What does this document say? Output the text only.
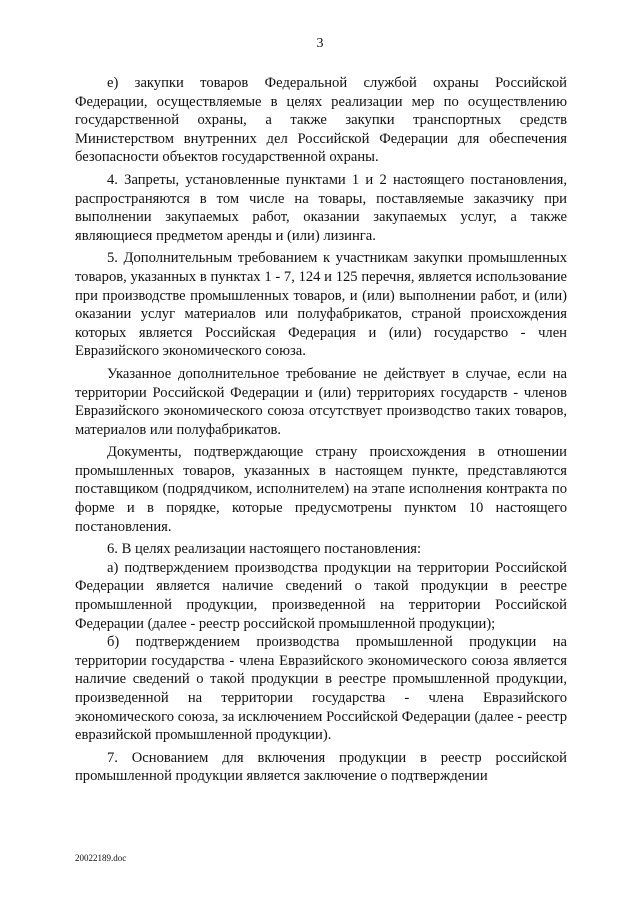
3

е) закупки товаров Федеральной службой охраны Российской Федерации, осуществляемые в целях реализации мер по осуществлению государственной охраны, а также закупки транспортных средств Министерством внутренних дел Российской Федерации для обеспечения безопасности объектов государственной охраны.

4. Запреты, установленные пунктами 1 и 2 настоящего постановления, распространяются в том числе на товары, поставляемые заказчику при выполнении закупаемых работ, оказании закупаемых услуг, а также являющиеся предметом аренды и (или) лизинга.

5. Дополнительным требованием к участникам закупки промышленных товаров, указанных в пунктах 1 - 7, 124 и 125 перечня, является использование при производстве промышленных товаров, и (или) выполнении работ, и (или) оказании услуг материалов или полуфабрикатов, страной происхождения которых является Российская Федерация и (или) государство - член Евразийского экономического союза.

Указанное дополнительное требование не действует в случае, если на территории Российской Федерации и (или) территориях государств - членов Евразийского экономического союза отсутствует производство таких товаров, материалов или полуфабрикатов.

Документы, подтверждающие страну происхождения в отношении промышленных товаров, указанных в настоящем пункте, представляются поставщиком (подрядчиком, исполнителем) на этапе исполнения контракта по форме и в порядке, которые предусмотрены пунктом 10 настоящего постановления.

6. В целях реализации настоящего постановления:

а) подтверждением производства продукции на территории Российской Федерации является наличие сведений о такой продукции в реестре промышленной продукции, произведенной на территории Российской Федерации (далее - реестр российской промышленной продукции);

б) подтверждением производства промышленной продукции на территории государства - члена Евразийского экономического союза является наличие сведений о такой продукции в реестре промышленной продукции, произведенной на территории государства - члена Евразийского экономического союза, за исключением Российской Федерации (далее - реестр евразийской промышленной продукции).

7. Основанием для включения продукции в реестр российской промышленной продукции является заключение о подтверждении

20022189.doc
